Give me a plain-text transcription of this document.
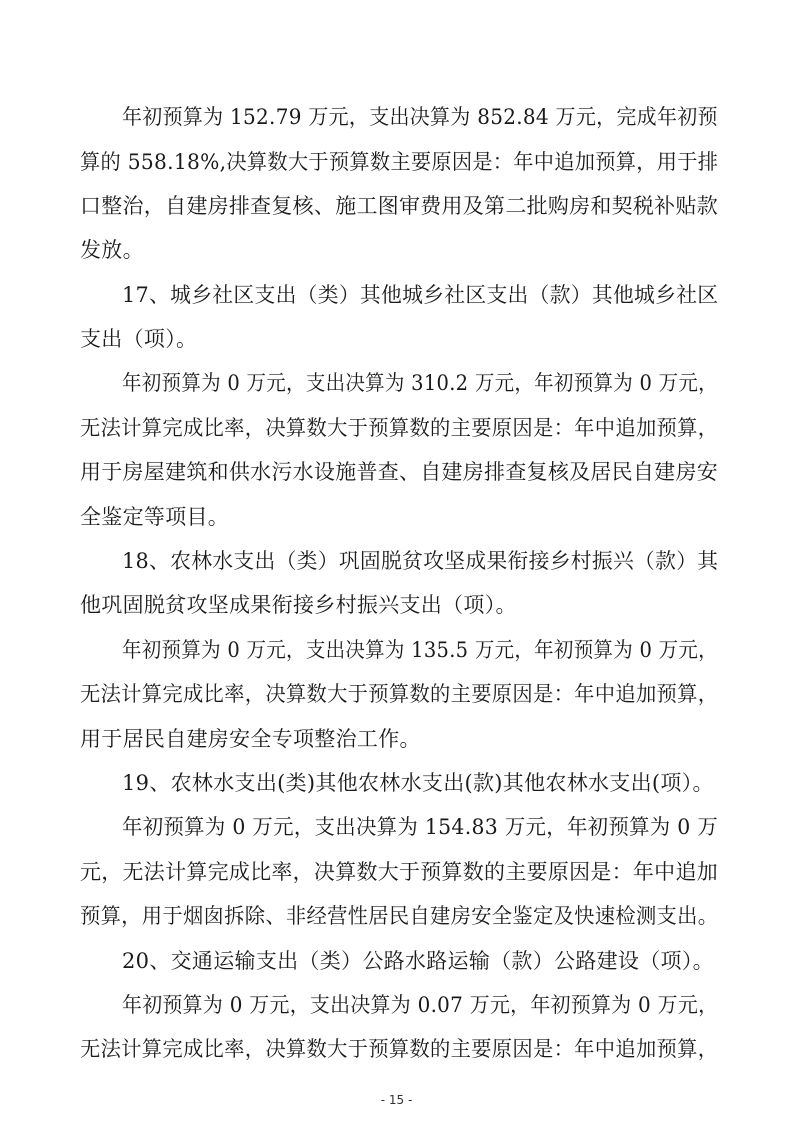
年初预算为 152.79 万元，支出决算为 852.84 万元，完成年初预
算的 558.18%,决算数大于预算数主要原因是：年中追加预算，用于排
口整治，自建房排查复核、施工图审费用及第二批购房和契税补贴款
发放。
17、城乡社区支出（类）其他城乡社区支出（款）其他城乡社区
支出（项）。
年初预算为 0 万元，支出决算为 310.2 万元，年初预算为 0 万元，
无法计算完成比率，决算数大于预算数的主要原因是：年中追加预算，
用于房屋建筑和供水污水设施普查、自建房排查复核及居民自建房安
全鉴定等项目。
18、农林水支出（类）巩固脱贫攻坚成果衔接乡村振兴（款）其
他巩固脱贫攻坚成果衔接乡村振兴支出（项）。
年初预算为 0 万元，支出决算为 135.5 万元，年初预算为 0 万元，
无法计算完成比率，决算数大于预算数的主要原因是：年中追加预算，
用于居民自建房安全专项整治工作。
19、农林水支出(类)其他农林水支出(款)其他农林水支出(项）。
年初预算为 0 万元，支出决算为 154.83 万元，年初预算为 0 万
元，无法计算完成比率，决算数大于预算数的主要原因是：年中追加
预算，用于烟囱拆除、非经营性居民自建房安全鉴定及快速检测支出。
20、交通运输支出（类）公路水路运输（款）公路建设（项）。
年初预算为 0 万元，支出决算为 0.07 万元，年初预算为 0 万元，
无法计算完成比率，决算数大于预算数的主要原因是：年中追加预算，
- 15 -
